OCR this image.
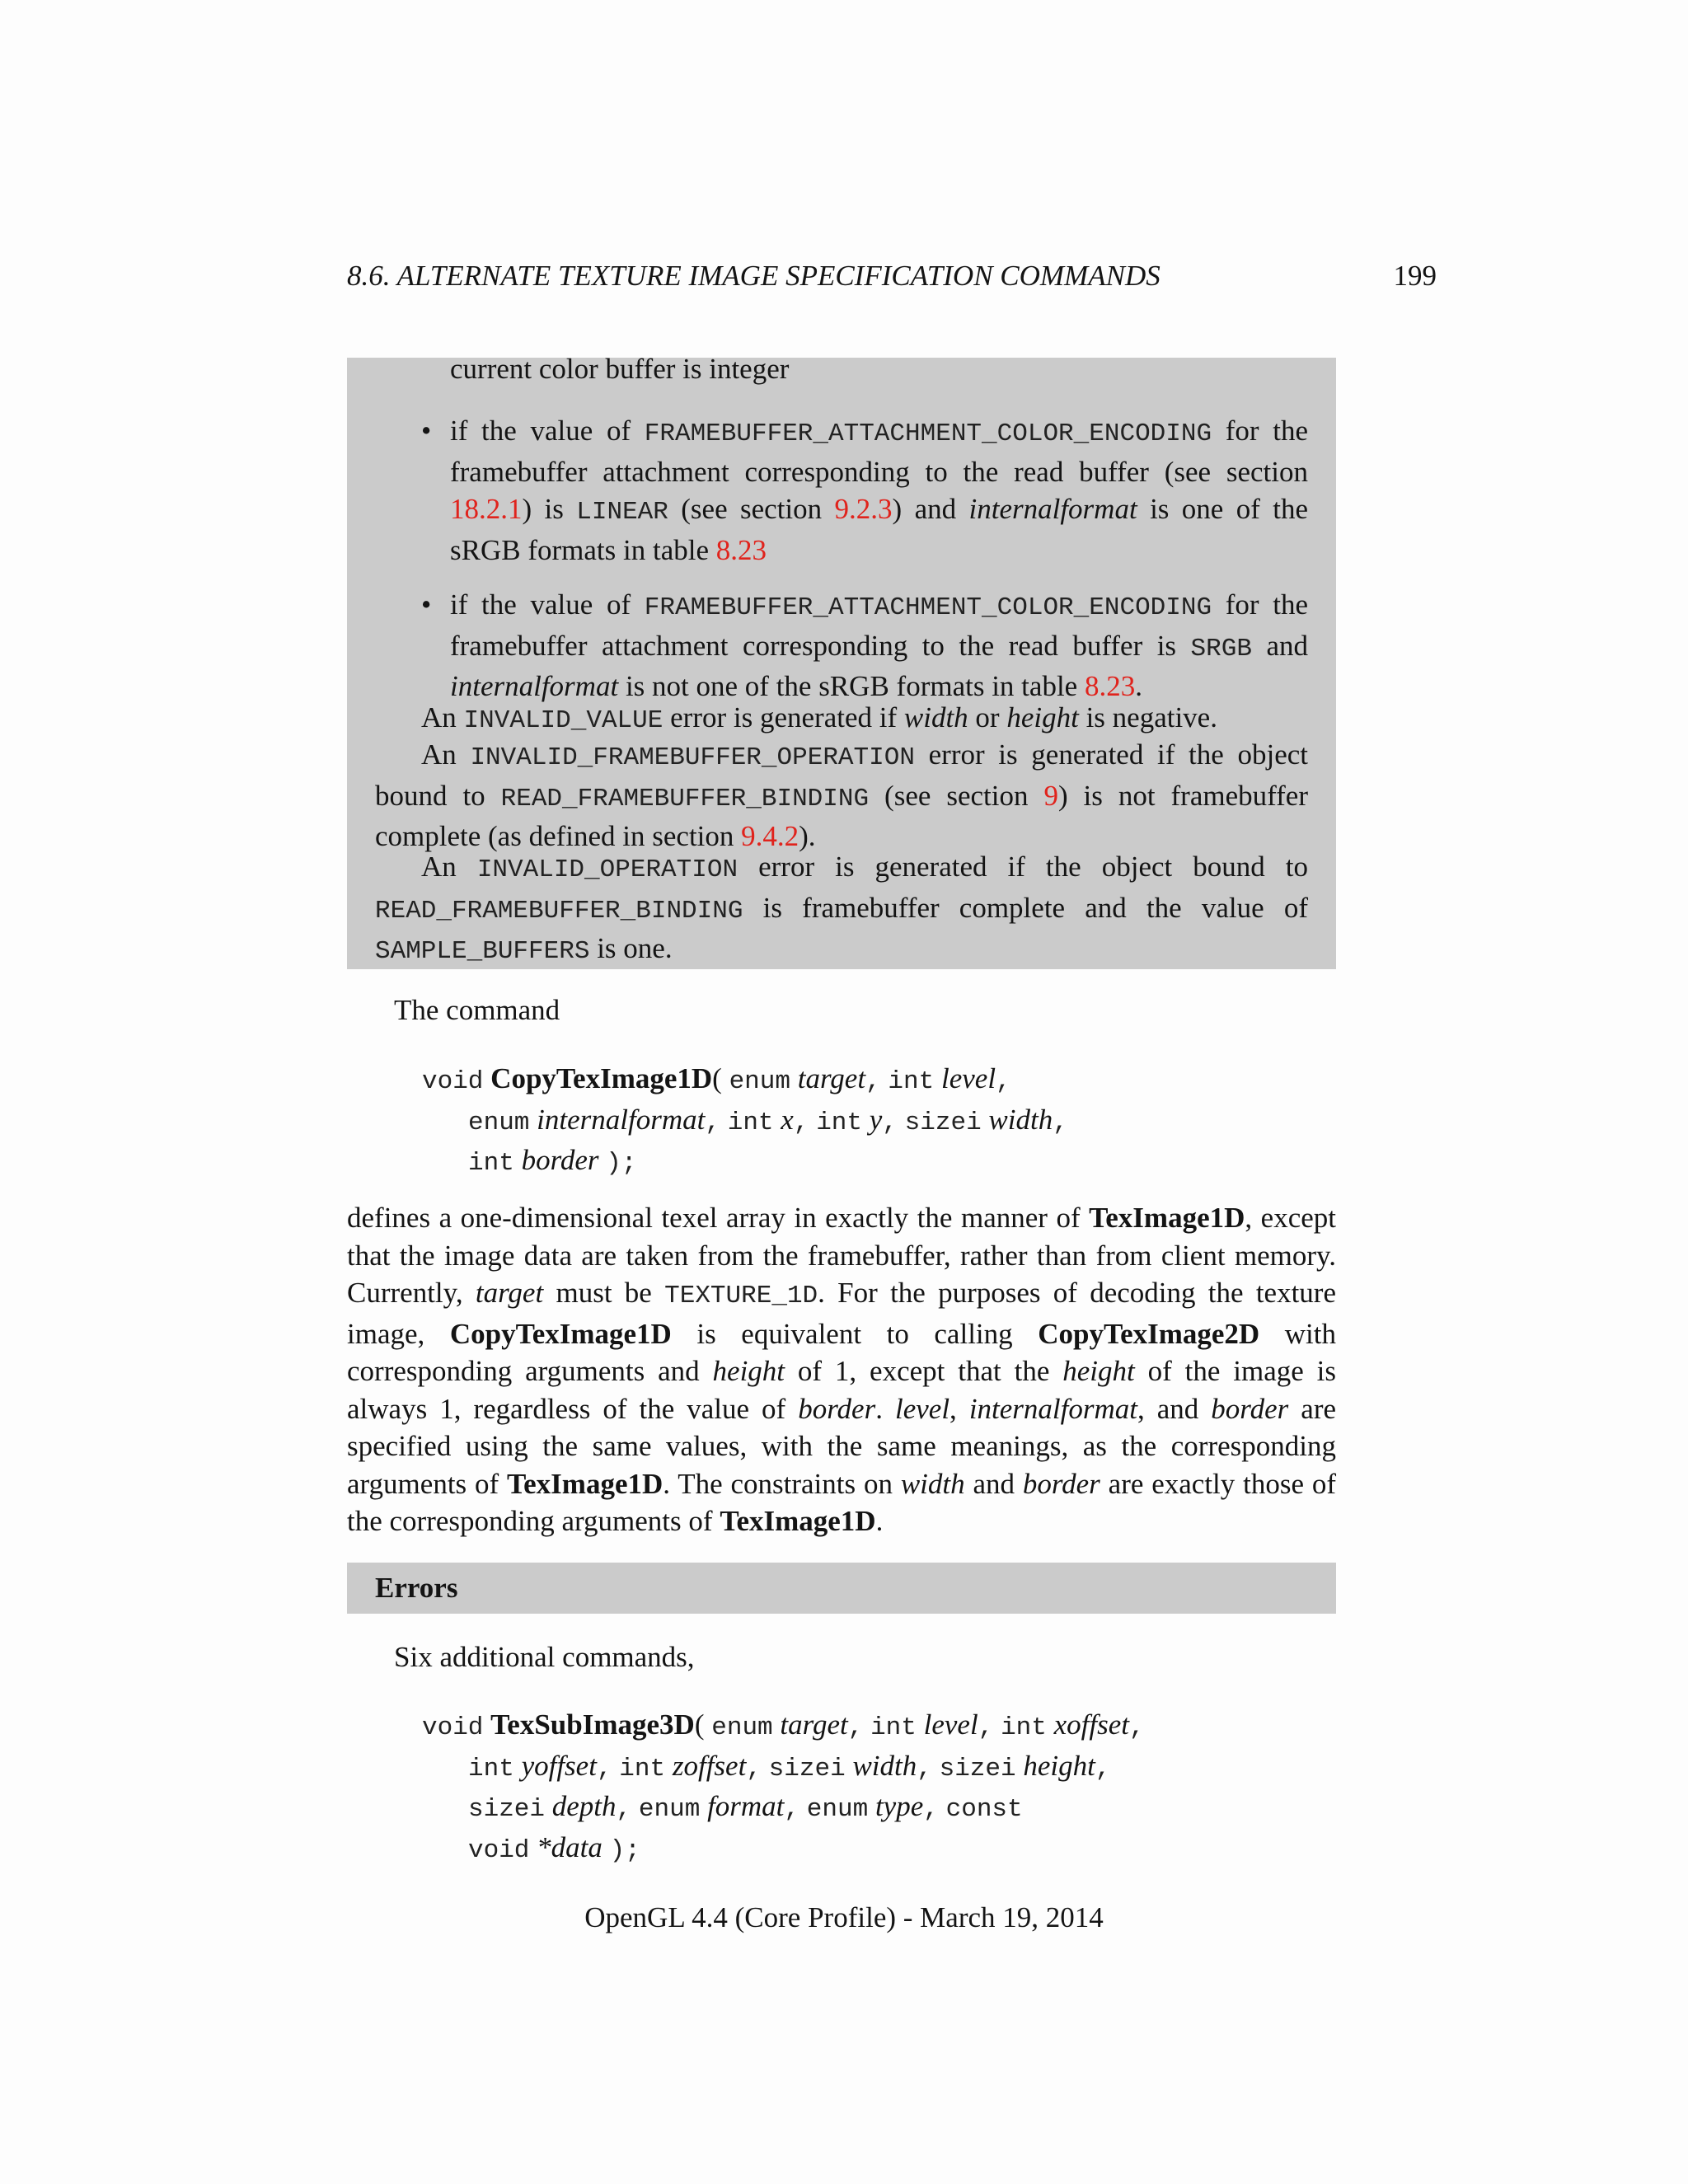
8.6. ALTERNATE TEXTURE IMAGE SPECIFICATION COMMANDS	199
current color buffer is integer
• if the value of FRAMEBUFFER_ATTACHMENT_COLOR_ENCODING for the framebuffer attachment corresponding to the read buffer (see section 18.2.1) is LINEAR (see section 9.2.3) and internalformat is one of the sRGB formats in table 8.23
• if the value of FRAMEBUFFER_ATTACHMENT_COLOR_ENCODING for the framebuffer attachment corresponding to the read buffer is SRGB and internalformat is not one of the sRGB formats in table 8.23.
An INVALID_VALUE error is generated if width or height is negative.
An INVALID_FRAMEBUFFER_OPERATION error is generated if the object bound to READ_FRAMEBUFFER_BINDING (see section 9) is not framebuffer complete (as defined in section 9.4.2).
An INVALID_OPERATION error is generated if the object bound to READ_FRAMEBUFFER_BINDING is framebuffer complete and the value of SAMPLE_BUFFERS is one.
The command
void CopyTexImage1D( enum target, int level,
enum internalformat, int x, int y, sizei width,
int border );
defines a one-dimensional texel array in exactly the manner of TexImage1D, except that the image data are taken from the framebuffer, rather than from client memory. Currently, target must be TEXTURE_1D. For the purposes of decoding the texture image, CopyTexImage1D is equivalent to calling CopyTexImage2D with corresponding arguments and height of 1, except that the height of the image is always 1, regardless of the value of border. level, internalformat, and border are specified using the same values, with the same meanings, as the corresponding arguments of TexImage1D. The constraints on width and border are exactly those of the corresponding arguments of TexImage1D.
Errors
Six additional commands,
void TexSubImage3D( enum target, int level, int xoffset,
int yoffset, int zoffset, sizei width, sizei height,
sizei depth, enum format, enum type, const
void *data );
OpenGL 4.4 (Core Profile) - March 19, 2014
